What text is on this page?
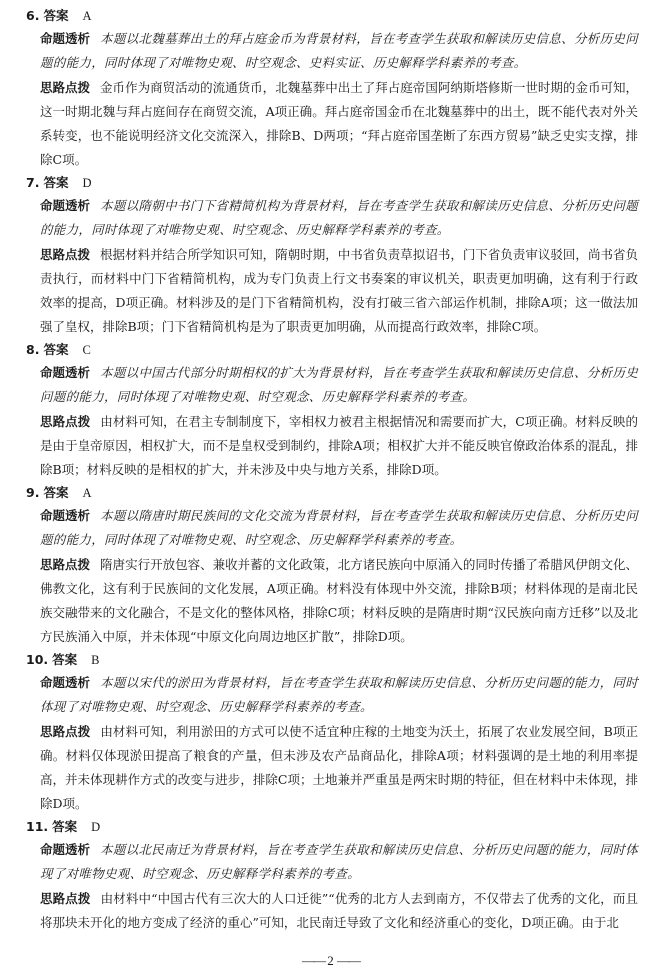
6. 答案 A

命题透析 本题以北魏墓葬出土的拜占庭金币为背景材料，旨在考查学生获取和解读历史信息、分析历史问题的能力，同时体现了对唯物史观、时空观念、史料实证、历史解释学科素养的考查。

思路点拨 金币作为商贸活动的流通货币，北魏墓葬中出土了拜占庭帝国阿纳斯塔修斯一世时期的金币可知，这一时期北魏与拜占庭间存在商贸交流，A项正确。拜占庭帝国金币在北魏墓葬中的出土，既不能代表对外关系转变，也不能说明经济文化交流深入，排除B、D两项；“拜占庭帝国垄断了东西方贸易”缺乏史实支撑，排除C项。

7. 答案 D

命题透析 本题以隋朝中书门下省精简机构为背景材料，旨在考查学生获取和解读历史信息、分析历史问题的能力，同时体现了对唯物史观、时空观念、历史解释学科素养的考查。

思路点拨 根据材料并结合所学知识可知，隋朝时期，中书省负责草拟诏书，门下省负责审议驳回，尚书省负责执行，而材料中门下省精简机构，成为专门负责上行文书奏案的审议机关，职责更加明确，这有利于行政效率的提高，D项正确。材料涉及的是门下省精简机构，没有打破三省六部运作机制，排除A项；这一做法加强了皇权，排除B项；门下省精简机构是为了职责更加明确，从而提高行政效率，排除C项。

8. 答案 C

命题透析 本题以中国古代部分时期相权的扩大为背景材料，旨在考查学生获取和解读历史信息、分析历史问题的能力，同时体现了对唯物史观、时空观念、历史解释学科素养的考查。

思路点拨 由材料可知，在君主专制制度下，宰相权力被君主根据情况和需要而扩大，C项正确。材料反映的是由于皇帝原因，相权扩大，而不是皇权受到制约，排除A项；相权扩大并不能反映官僚政治体系的混乱，排除B项；材料反映的是相权的扩大，并未涉及中央与地方关系，排除D项。

9. 答案 A

命题透析 本题以隋唐时期民族间的文化交流为背景材料，旨在考查学生获取和解读历史信息、分析历史问题的能力，同时体现了对唯物史观、时空观念、历史解释学科素养的考查。

思路点拨 隋唐实行开放包容、兼收并蓄的文化政策，北方诸民族向中原涌入的同时传播了希腊风伊朗文化、佛教文化，这有利于民族间的文化发展，A项正确。材料没有体现中外交流，排除B项；材料体现的是南北民族交融带来的文化融合，不是文化的整体风格，排除C项；材料反映的是隋唐时期“汉民族向南方迁移”以及北方民族涌入中原，并未体现“中原文化向周边地区扩散”，排除D项。

10. 答案 B

命题透析 本题以宋代的淤田为背景材料，旨在考查学生获取和解读历史信息、分析历史问题的能力，同时体现了对唯物史观、时空观念、历史解释学科素养的考查。

思路点拨 由材料可知，利用淤田的方式可以使不适宜种庄稼的土地变为沃土，拓展了农业发展空间，B项正确。材料仅体现淤田提高了粮食的产量，但未涉及农产品商品化，排除A项；材料强调的是土地的利用率提高，并未体现耕作方式的改变与进步，排除C项；土地兼并严重虽是两宋时期的特征，但在材料中未体现，排除D项。

11. 答案 D

命题透析 本题以北民南迁为背景材料，旨在考查学生获取和解读历史信息、分析历史问题的能力，同时体现了对唯物史观、时空观念、历史解释学科素养的考查。

思路点拨 由材料中“中国古代有三次大的人口迁徙”“优秀的北方人去到南方，不仅带去了优秀的文化，而且将那块未开化的地方变成了经济的重心”可知，北民南迁导致了文化和经济重心的变化，D项正确。由于北

—— 2 ——
